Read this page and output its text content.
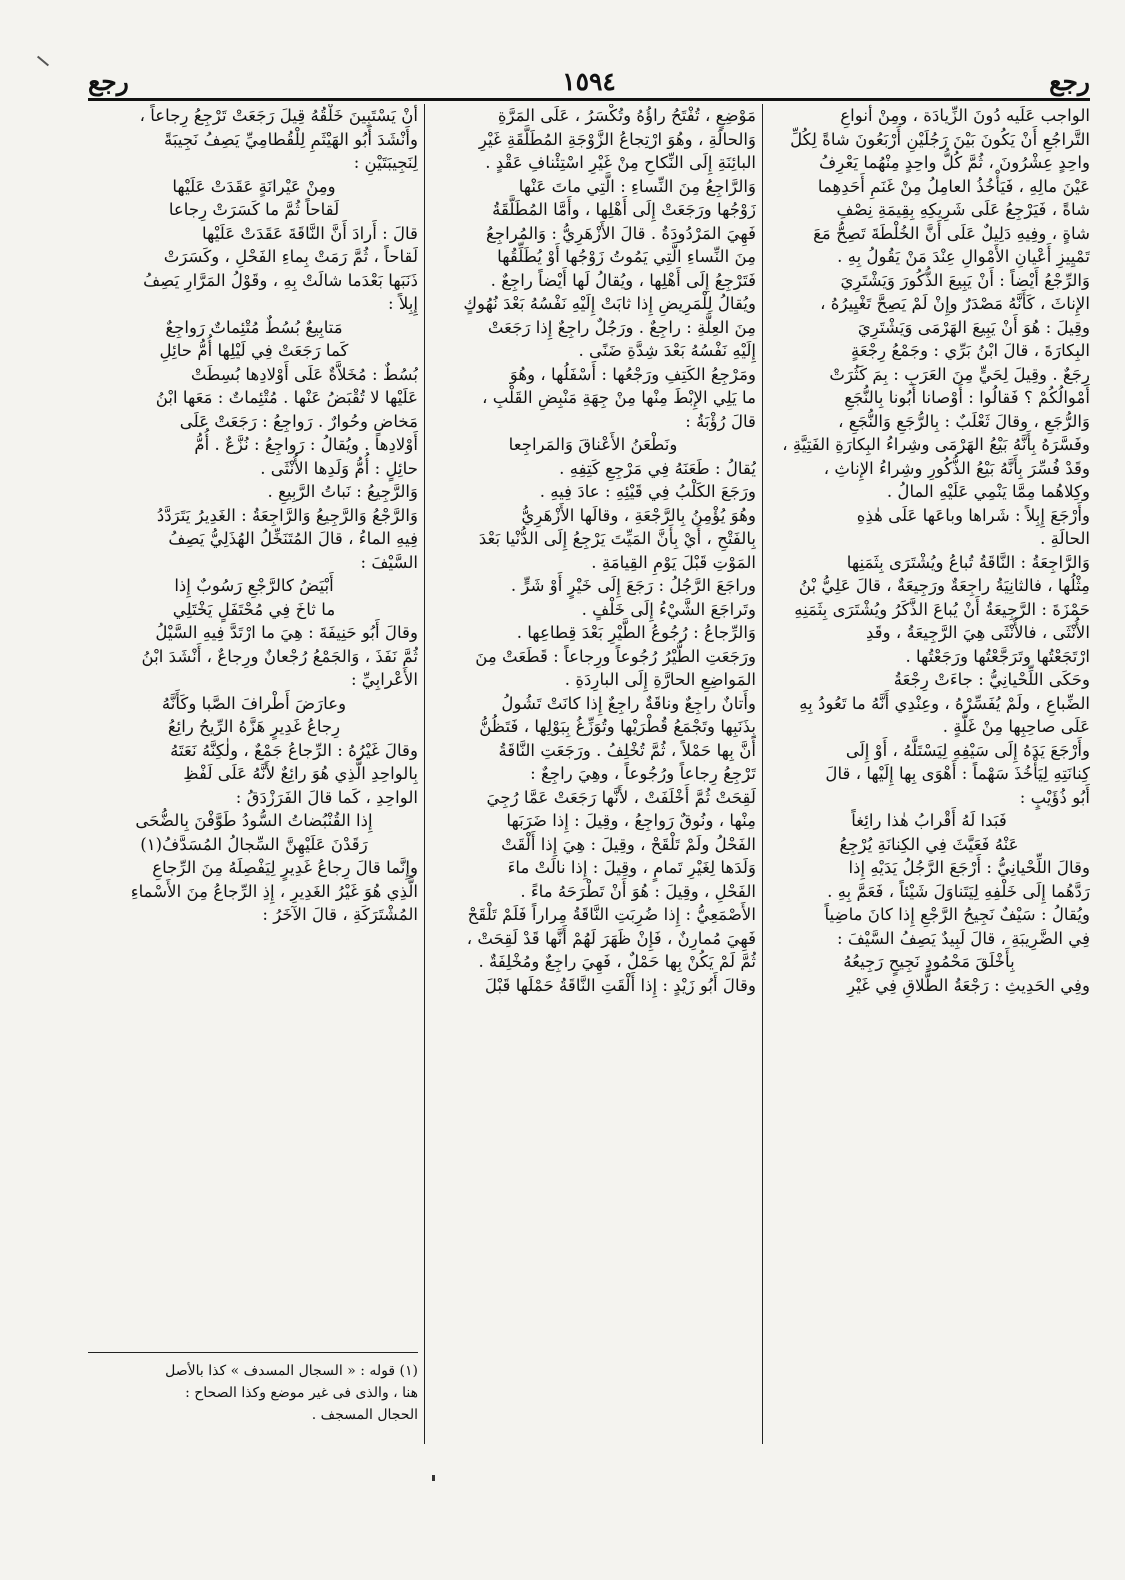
رجع
١٥٩٤
رجع

الواجب عَلَيه دُونَ الزِّيادَة ، ومِنْ أَنواعِ

التَّراجُعِ أَنْ يَكُونَ بَيْنَ رَجُلَيْنِ أَرْبَعُونَ شاةً لِكُلِّ

واحِدٍ عِشْرُونَ ، ثُمَّ كُلُّ واحِدٍ مِنْهُما يَعْرِفُ

عَيْنَ مالِهِ ، فَيَأْخُذُ العامِلُ مِنْ غَنَمِ أَحَدِهِما

شاةً ، فَيَرْجِعُ عَلَى شَرِيكِهِ بِقِيمَةِ نِصْفِ

شاةٍ ، وفِيهِ دَلِيلٌ عَلَى أَنَّ الخُلْطَةَ تَصِحُّ مَعَ

تَمْيِيزِ أَعْيانِ الأَمْوالِ عِنْدَ مَنْ يَقُولُ بِهِ .

وَالرِّجْعُ أَيْضاً : أَنْ يَبِيعَ الذُّكُورَ وَيَشْتَرِيَ

الإِناثَ ، كَأَنَّهُ مَصْدَرٌ وإِنْ لَمْ يَصِحَّ تَغْيِيرُهُ ،

وقِيلَ : هُوَ أَنْ يَبِيعَ الهَرْمَى وَيَشْتَرِيَ

البِكارَةَ ، قالَ ابْنُ بَرِّي : وجَمْعُ رِجْعَةٍ

رِجَعٌ . وقِيلَ لِحَيٍّ مِنَ العَرَبِ : بِمَ كَثُرَتْ

أَمْوالُكُمْ ؟ فَقالُوا : أَوْصانا أَبُونا بِالنُّجَعِ

وَالرُّجَعِ ، وقالَ ثَعْلَبٌ : بِالرُّجَعِ وَالنُّجَعِ ،

وفَسَّرَهُ بِأَنَّهُ بَيْعُ الهَرْمَى وشِراءُ البِكارَةِ الفَتِيَّةِ ،

وقَدْ فُسِّرَ بِأَنَّهُ بَيْعُ الذُّكُورِ وشِراءُ الإِناثِ ،

وكِلاهُما مِمَّا يَنْمِي عَلَيْهِ المالُ .

وأَرْجَعَ إِبِلاً : شَراها وباعَها عَلَى هٰذِهِ

الحالَةِ .

وَالرَّاجِعَةُ : النَّاقَةُ تُباعُ ويُشْتَرَى بِثَمَنِها

مِثْلُها ، فالثانِيَةُ راجِعَةٌ ورَجِيعَةٌ ، قالَ عَلِيُّ بْنُ

حَمْزَةَ : الرَّجِيعَةُ أَنْ يُباعَ الذَّكَرُ ويُشْتَرَى بِثَمَنِهِ

الأُنْثَى ، فالأُنْثَى هِيَ الرَّجِيعَةُ ، وقَدِ

ارْتَجَعْتُها وتَرَجَّعْتُها ورَجَعْتُها .

وحَكَى اللِّحْيانِيُّ : جاءَتْ رِجْعَةُ

الضِّباعِ ، ولَمْ يُفَسِّرْهُ ، وعِنْدِي أَنَّهُ ما تَعُودُ بِهِ

عَلَى صاحِبِها مِنْ غَلَّةٍ .

وأَرْجَعَ يَدَهُ إِلَى سَيْفِهِ لِيَسْتَلَّهُ ، أَوْ إِلَى

كِنانَتِهِ لِيَأْخُذَ سَهْماً : أَهْوَى بِها إِلَيْها ، قالَ

أَبُو ذُؤَيْبٍ :

فَبَدا لَهُ أَقْرابُ هٰذا رائِغاً

عَنْهُ فَعَيَّثَ فِي الكِنانَةِ يُرْجِعُ

وقالَ اللِّحْيانِيُّ : أَرْجَعَ الرَّجُلُ يَدَيْهِ إِذا

رَدَّهُما إِلَى خَلْفِهِ لِيَتَناوَلَ شَيْئاً ، فَعَمَّ بِهِ .

ويُقالُ : سَيْفٌ نَجِيحُ الرَّجْعِ إِذا كانَ ماضِياً

فِي الضَّرِيبَةِ ، قالَ لَبِيدٌ يَصِفُ السَّيْفَ :

بِأَخْلَقَ مَحْمُودٍ نَجِيحٍ رَجِيعُهُ

وفِي الحَدِيثِ : رَجْعَةُ الطَّلاقِ فِي غَيْرِ

مَوْضِعٍ ، تُفْتَحُ راؤُهُ وتُكْسَرُ ، عَلَى المَرَّةِ

وَالحالَةِ ، وهُوَ ارْتِجاعُ الزَّوْجَةِ المُطَلَّقَةِ غَيْرِ

البائِنَةِ إِلَى النِّكاحِ مِنْ غَيْرِ اسْتِئْنافِ عَقْدٍ .

وَالرَّاجِعُ مِنَ النِّساءِ : الَّتِي ماتَ عَنْها

زَوْجُها ورَجَعَتْ إِلَى أَهْلِها ، وأَمَّا المُطَلَّقَةُ

فَهِيَ المَرْدُودَةُ . قالَ الأَزْهَرِيُّ : وَالمُراجِعُ

مِنَ النِّساءِ الَّتِي يَمُوتُ زَوْجُها أَوْ يُطَلِّقُها

فَتَرْجِعُ إِلَى أَهْلِها ، ويُقالُ لَها أَيْضاً راجِعٌ .

ويُقالُ لِلْمَرِيضِ إِذا ثابَتْ إِلَيْهِ نَفْسُهُ بَعْدَ نُهُوكٍ

مِنَ العِلَّةِ : راجِعٌ . ورَجُلٌ راجِعٌ إِذا رَجَعَتْ

إِلَيْهِ نَفْسُهُ بَعْدَ شِدَّةِ ضَنًى .

ومَرْجِعُ الكَتِفِ ورَجْعُها : أَسْفَلُها ، وهُوَ

ما يَلِي الإِبْطَ مِنْها مِنْ جِهَةِ مَنْبِضِ القَلْبِ ،

قالَ رُؤْبَةُ :

ونَطْعَنُ الأَعْناقَ وَالمَراجِعا

يُقالُ : طَعَنَهُ فِي مَرْجِعِ كَتِفِهِ .

ورَجَعَ الكَلْبُ فِي قَيْئِهِ : عادَ فِيهِ .

وهُوَ يُؤْمِنُ بِالرَّجْعَةِ ، وقالَها الأَزْهَرِيُّ

بِالفَتْحِ ، أَيْ بِأَنَّ المَيِّتَ يَرْجِعُ إِلَى الدُّنْيا بَعْدَ

المَوْتِ قَبْلَ يَوْمِ القِيامَةِ .

وراجَعَ الرَّجُلُ : رَجَعَ إِلَى خَيْرٍ أَوْ شَرٍّ .

وتَراجَعَ الشَّيْءُ إِلَى خَلْفٍ .

وَالرِّجاعُ : رُجُوعُ الطَّيْرِ بَعْدَ قِطاعِها .

ورَجَعَتِ الطَّيْرُ رُجُوعاً ورِجاعاً : قَطَعَتْ مِنَ

المَواضِعِ الحارَّةِ إِلَى البارِدَةِ .

وأَتانٌ راجِعٌ وناقَةٌ راجِعٌ إِذا كانَتْ تَشُولُ

بِذَنَبِها وتَجْمَعُ قُطْرَيْها وتُوَزِّغُ بِبَوْلِها ، فَتَظُنُّ

أَنَّ بِها حَمْلاً ، ثُمَّ تُخْلِفُ . ورَجَعَتِ النَّاقَةُ

تَرْجِعُ رِجاعاً ورُجُوعاً ، وهِيَ راجِعٌ :

لَقِحَتْ ثُمَّ أَخْلَفَتْ ، لأَنَّها رَجَعَتْ عَمَّا رُجِيَ

مِنْها ، ونُوقٌ رَواجِعُ ، وقِيلَ : إِذا ضَرَبَها

الفَحْلُ ولَمْ تَلْقَحْ ، وقِيلَ : هِيَ إِذا أَلْقَتْ

وَلَدَها لِغَيْرِ تَمامٍ ، وقِيلَ : إِذا نالَتْ ماءَ

الفَحْلِ ، وقِيلَ : هُوَ أَنْ تَطْرَحَهُ ماءً .

الأَصْمَعِيُّ : إِذا ضُرِبَتِ النَّاقَةُ مِراراً فَلَمْ تَلْقَحْ

فَهِيَ مُمارِنٌ ، فَإِنْ ظَهَرَ لَهُمْ أَنَّها قَدْ لَقِحَتْ ،

ثُمَّ لَمْ يَكُنْ بِها حَمْلٌ ، فَهِيَ راجِعٌ ومُخْلِفَةٌ .

وقالَ أَبُو زَيْدٍ : إِذا أَلْقَتِ النَّاقَةُ حَمْلَها قَبْلَ

أَنْ يَسْتَبِينَ خَلْقُهُ قِيلَ رَجَعَتْ تَرْجِعُ رِجاعاً ،

وأَنْشَدَ أَبُو الهَيْثَمِ لِلْقُطامِيِّ يَصِفُ نَجِيبَةً

لِنَجِيبَتَيْنِ :

ومِنْ عَيْرانَةٍ عَقَدَتْ عَلَيْها

لَقاحاً ثُمَّ ما كَسَرَتْ رِجاعا

قالَ : أَرادَ أَنَّ النَّاقَةَ عَقَدَتْ عَلَيْها

لَقاحاً ، ثُمَّ رَمَتْ بِماءِ الفَحْلِ ، وكَسَرَتْ

ذَنَبَها بَعْدَما شالَتْ بِهِ ، وقَوْلُ المَرَّارِ يَصِفُ

إِبِلاً :

مَتابِيعٌ بُسُطٌ مُتْئِماتٌ رَواجِعٌ

كَما رَجَعَتْ فِي لَيْلِها أُمُّ حائِلِ

بُسُطٌ : مُخَلاَّةٌ عَلَى أَوْلادِها بُسِطَتْ

عَلَيْها لا تُقْبَضُ عَنْها . مُتْئِماتٌ : مَعَها ابْنُ

مَخاضٍ وحُوارٌ . رَواجِعُ : رَجَعَتْ عَلَى

أَوْلادِها . ويُقالُ : رَواجِعُ : نُزَّعٌ . أُمُّ

حائِلٍ : أُمُّ وَلَدِها الأُنْثَى .

وَالرَّجِيعُ : نَباتُ الرَّبِيعِ .

وَالرَّجْعُ وَالرَّجِيعُ وَالرَّاجِعَةُ : الغَدِيرُ يَتَرَدَّدُ

فِيهِ الماءُ ، قالَ المُتَنَخِّلُ الهُذَلِيُّ يَصِفُ

السَّيْفَ :

أَبْيَضُ كالرَّجْعِ رَسُوبٌ إِذا

ما ثاخَ فِي مُحْتَفَلٍ يَخْتَلِي

وقالَ أَبُو حَنِيفَةَ : هِيَ ما ارْتَدَّ فِيهِ السَّيْلُ

ثُمَّ نَفَذَ ، وَالجَمْعُ رُجْعانٌ ورِجاعٌ ، أَنْشَدَ ابْنُ

الأَعْرابِيِّ :

وعارَضَ أَطْرافَ الصَّبا وكَأَنَّهُ

رِجاعُ غَدِيرٍ هَزَّهُ الرِّيحُ رائِعُ

وقالَ غَيْرُهُ : الرِّجاعُ جَمْعٌ ، ولٰكِنَّهُ نَعَتَهُ

بِالواحِدِ الَّذِي هُوَ رائِعٌ لأَنَّهُ عَلَى لَفْظِ

الواحِدِ ، كَما قالَ الفَرَزْدَقُ :

إِذا القُنْبُضاتُ السُّودُ طَوَّفْنَ بِالضُّحَى

رَقَدْنَ عَلَيْهِنَّ السِّجالُ المُسَدَّفُ(١)

وإِنَّما قالَ رِجاعُ غَدِيرٍ لِيَفْصِلَهُ مِنَ الرِّجاعِ

الَّذِي هُوَ غَيْرُ الغَدِيرِ ، إِذِ الرِّجاعُ مِنَ الأَسْماءِ

المُشْتَرَكَةِ ، قالَ الآخَرُ :

(١) قوله : « السجال المسدف » كذا بالأصل

هنا ، والذى فى غير موضع وكذا الصحاح :

الحجال المسجف .
